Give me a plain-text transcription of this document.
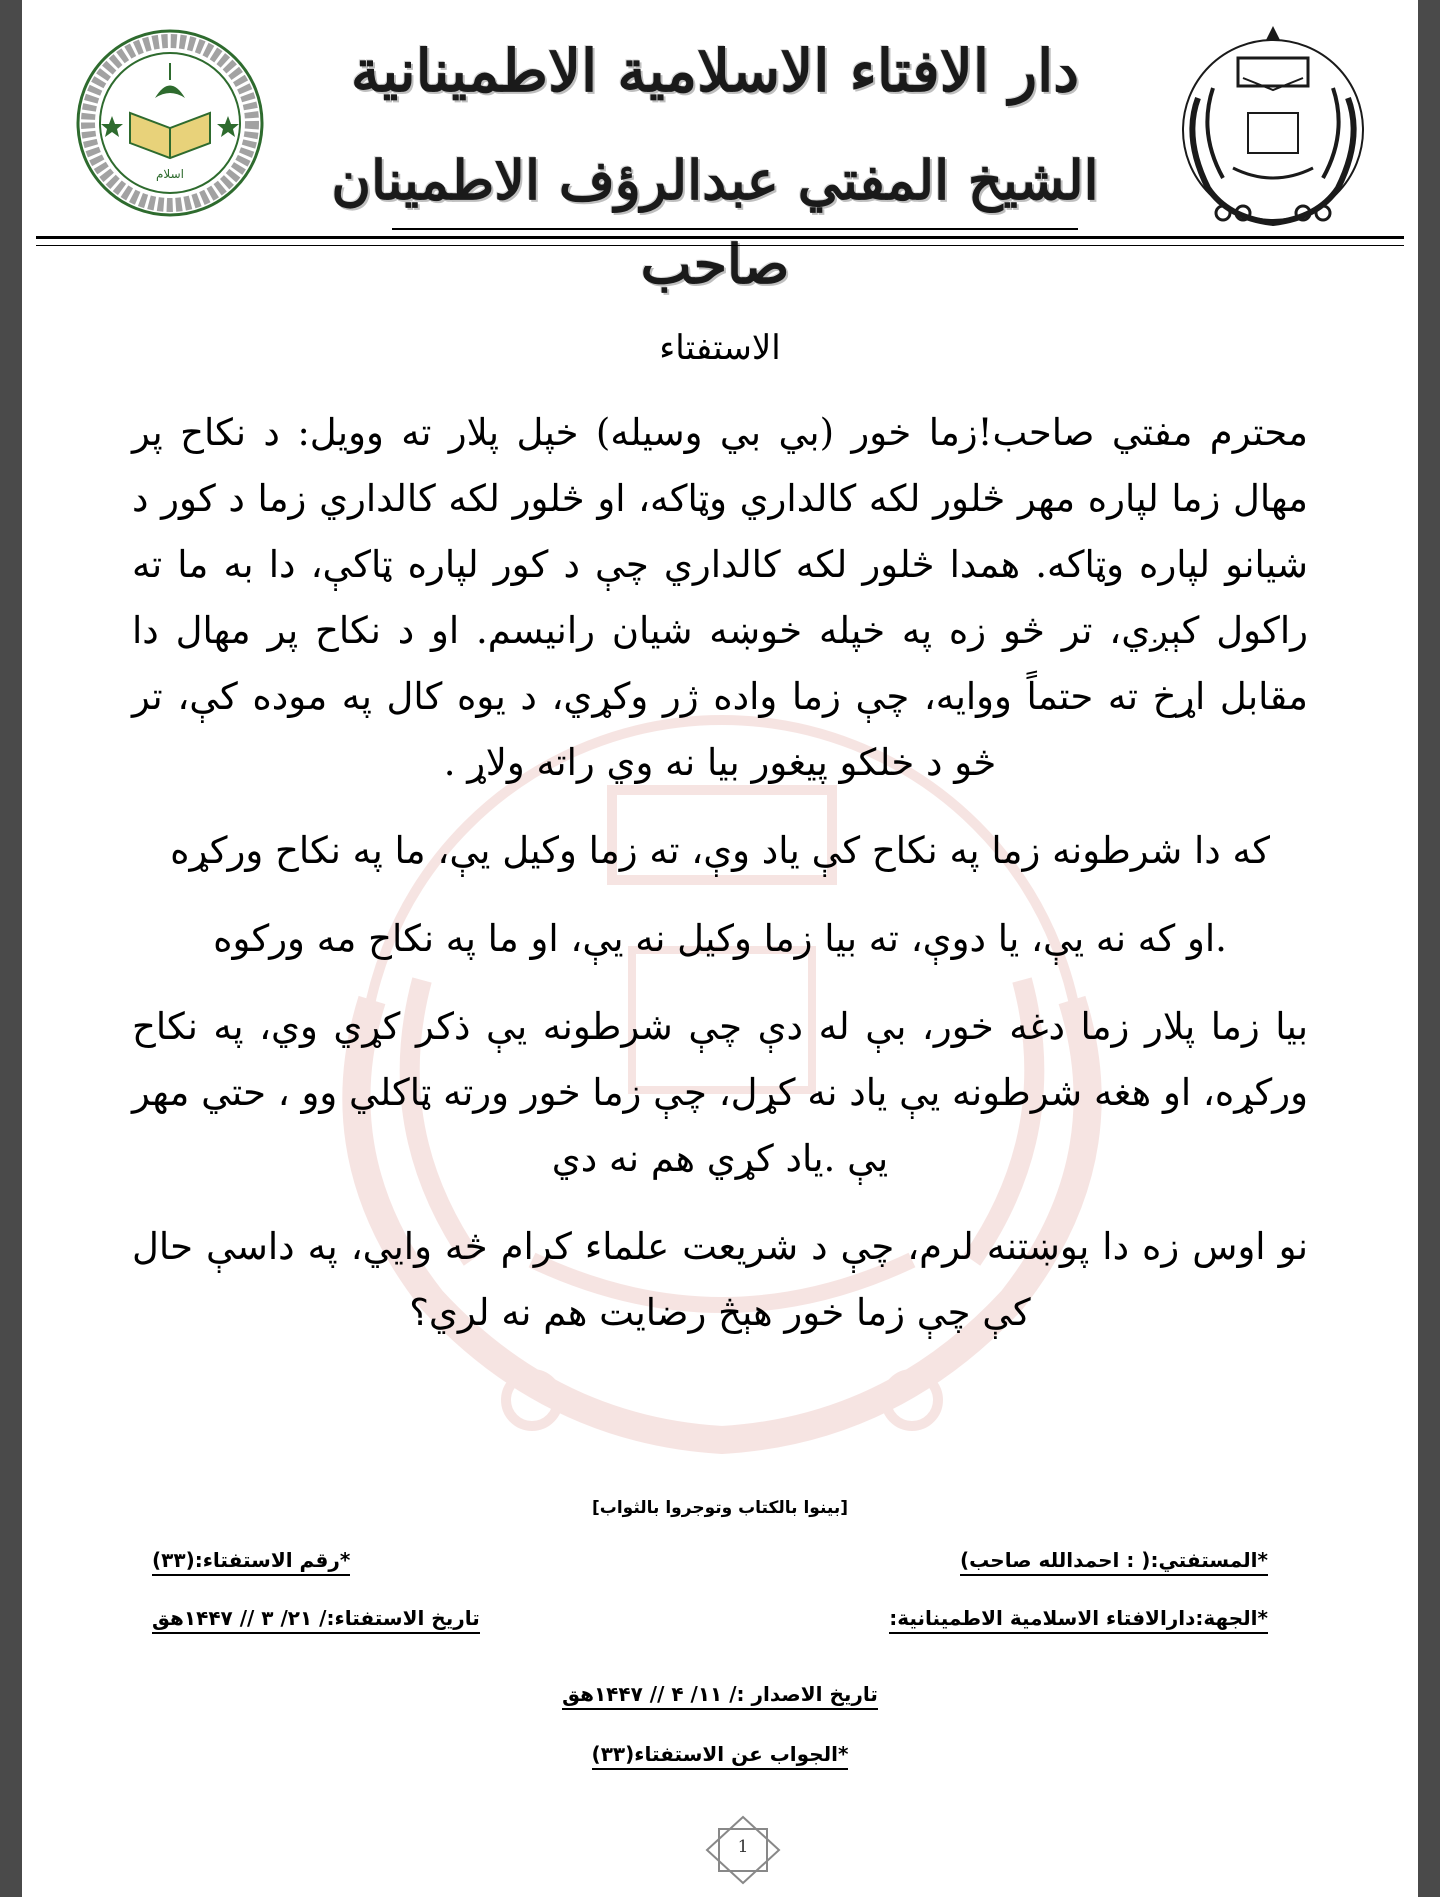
اسلام
دار الافتاء الاسلامية الاطمينانية
الشيخ المفتي عبدالرؤف الاطمينان صاحب
الاستفتاء

محترم مفتي صاحب!زما خور (بي بي وسيله) خپل پلار ته وويل: د نكاح پر مهال زما لپاره مهر څلور لكه كالداري وټاكه، او څلور لكه كالداري زما د كور د شيانو لپاره وټاكه. همدا څلور لكه كالداري چې د كور لپاره ټاكې، دا به ما ته راكول كېږي، تر څو زه په خپله خوښه شيان رانيسم. او د نكاح پر مهال دا مقابل اړخ ته حتماً ووايه، چې زما واده ژر وكړي، د يوه كال په موده كې، تر څو د خلكو پيغور بيا نه وي راته ولاړ .

كه دا شرطونه زما په نكاح كې ياد وې، ته زما وكيل يې، ما په نكاح وركړه

.او كه نه يې، يا دوې، ته بيا زما وكيل نه يې، او ما په نكاح مه وركوه

بيا زما پلار زما دغه خور، بې له دې چې شرطونه يې ذكر كړي وي، په نكاح وركړه، او هغه شرطونه يې ياد نه كړل، چې زما خور ورته ټاكلي وو ، حتي مهر يې .ياد كړي هم نه دي

نو اوس زه دا پوښتنه لرم، چې د شريعت علماء كرام څه وايي، په داسې حال كې چې زما خور هېڅ رضايت هم نه لري؟

[بينوا بالكتاب وتوجروا بالثواب]
*المستفتي:( : احمدالله صاحب)
*رقم الاستفتاء:(٣٣)
*الجهة:دارالافتاء الاسلامية الاطمينانية:
تاريخ الاستفتاء:/ ٢١/ ٣ // ١۴۴٧هق
تاريخ الاصدار :/ ١١/ ۴ // ١۴۴٧هق
*الجواب عن الاستفتاء(٣٣)
1
